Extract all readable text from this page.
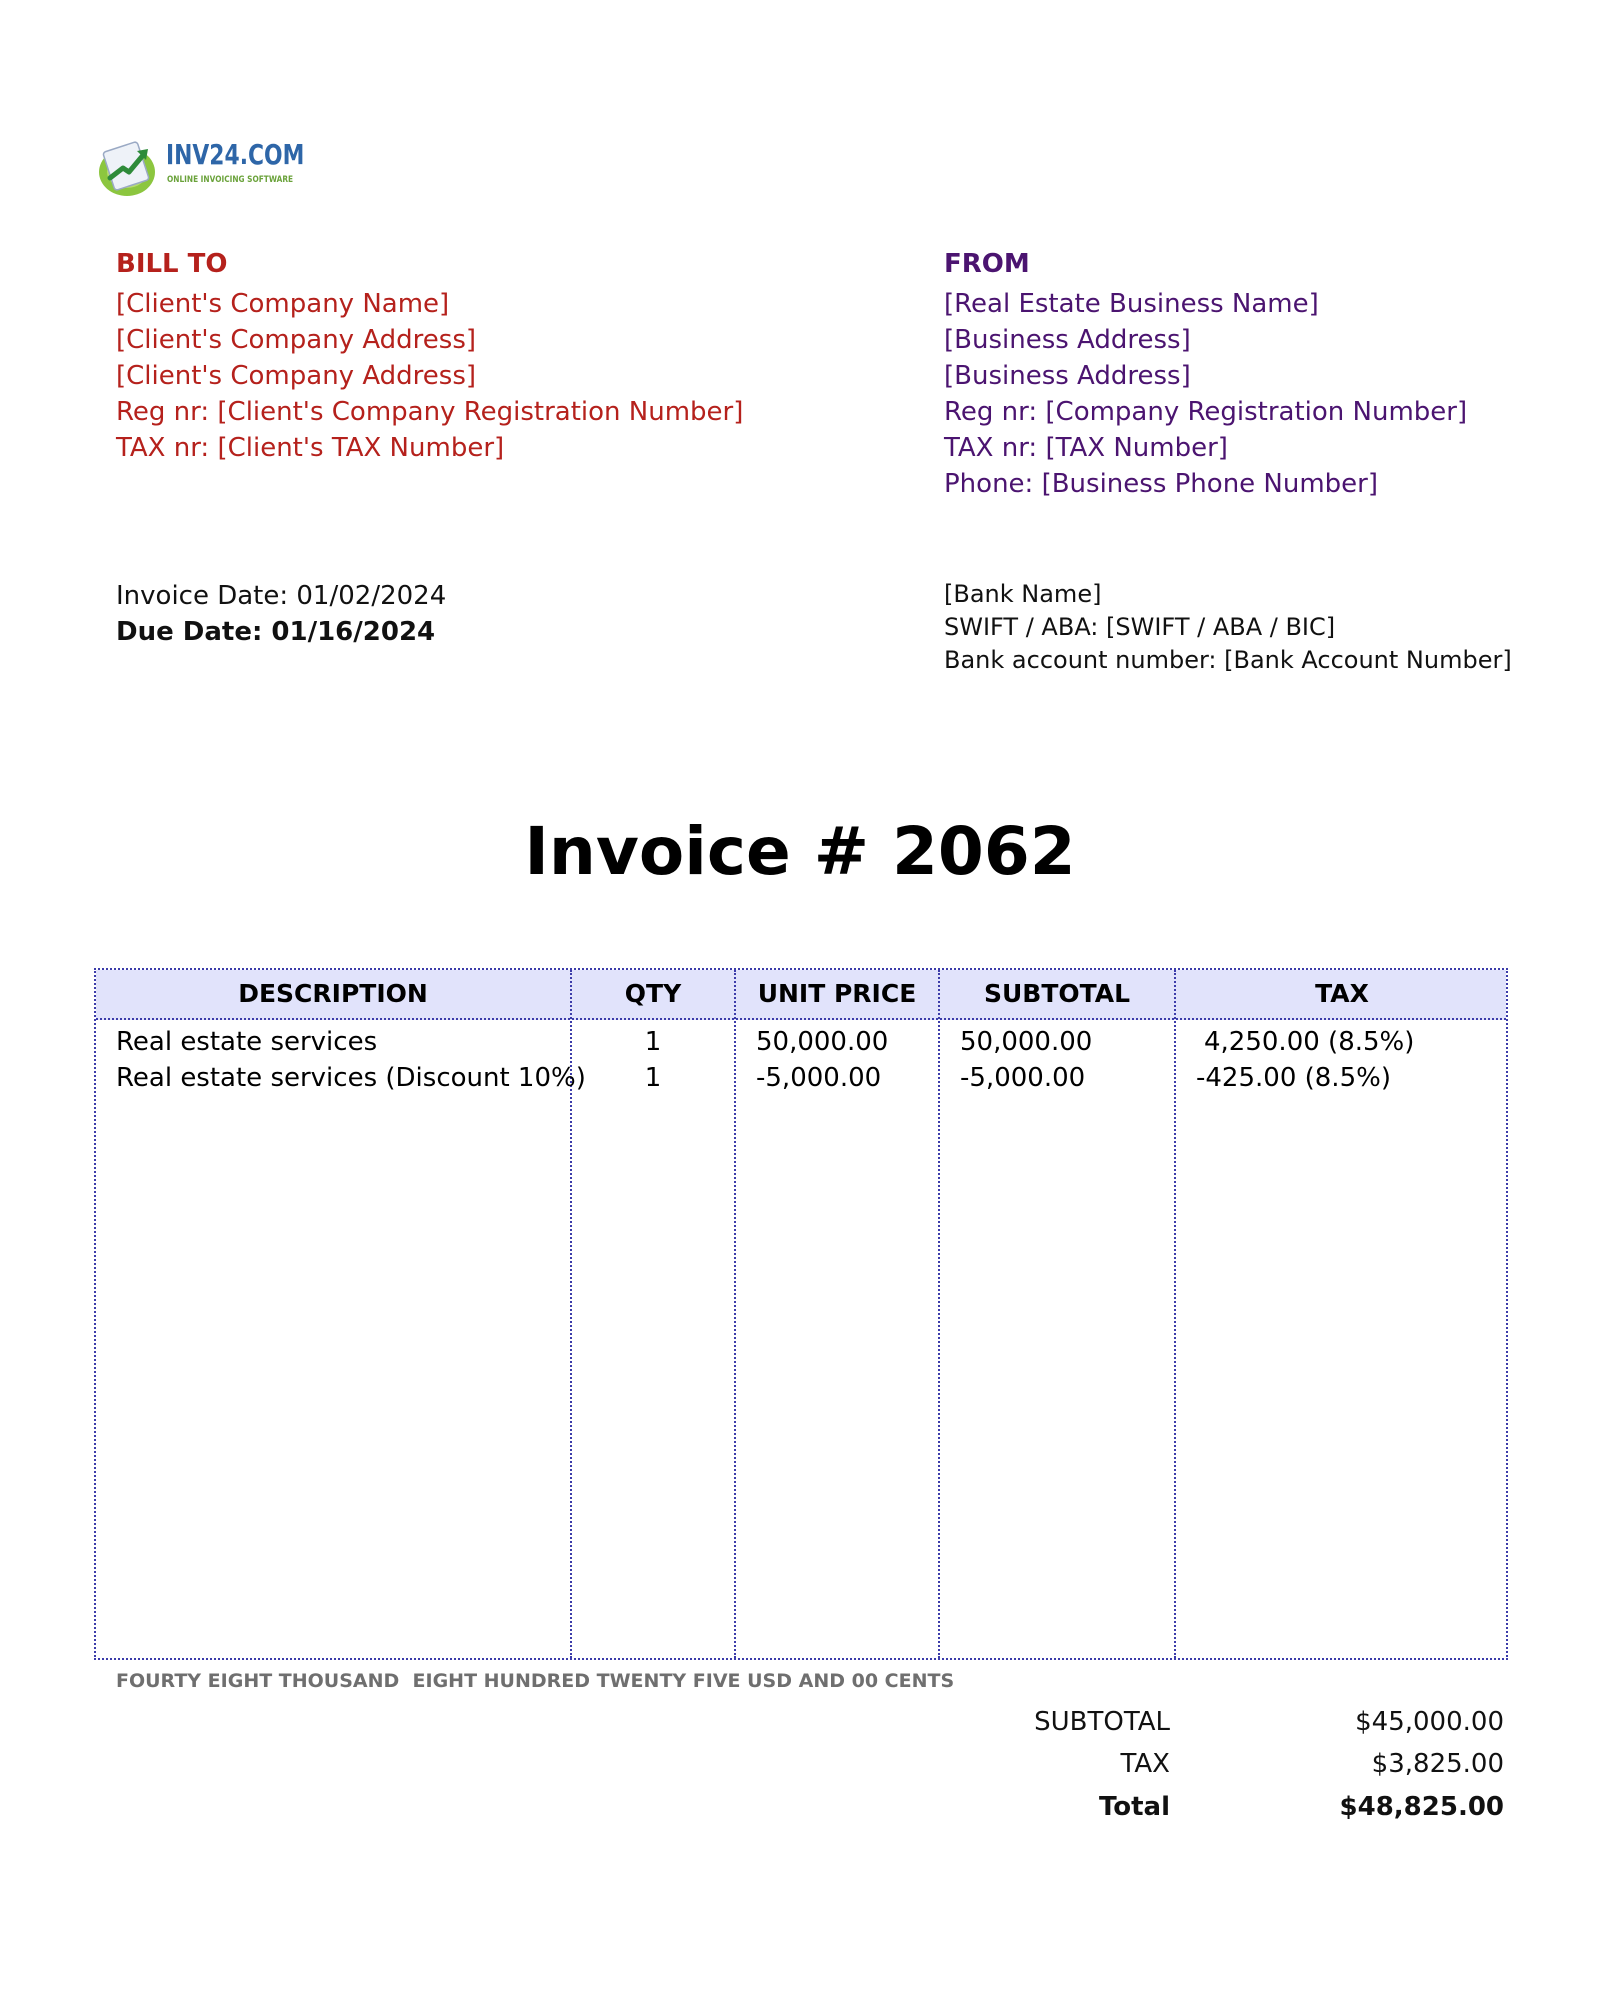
INV24.COM
ONLINE INVOICING SOFTWARE
BILL TO
[Client's Company Name]
[Client's Company Address]
[Client's Company Address]
Reg nr: [Client's Company Registration Number]
TAX nr: [Client's TAX Number]
FROM
[Real Estate Business Name]
[Business Address]
[Business Address]
Reg nr: [Company Registration Number]
TAX nr: [TAX Number]
Phone: [Business Phone Number]
Invoice Date: 01/02/2024
Due Date: 01/16/2024
[Bank Name]
SWIFT / ABA: [SWIFT / ABA / BIC]
Bank account number: [Bank Account Number]
Invoice # 2062
DESCRIPTION	QTY	UNIT PRICE	SUBTOTAL	TAX
Real estate services	1	50,000.00	50,000.00	4,250.00 (8.5%)
Real estate services (Discount 10%)	1	-5,000.00	-5,000.00	-425.00 (8.5%)
FOURTY EIGHT THOUSAND  EIGHT HUNDRED TWENTY FIVE USD AND 00 CENTS
SUBTOTAL	$45,000.00
TAX	$3,825.00
Total	$48,825.00
